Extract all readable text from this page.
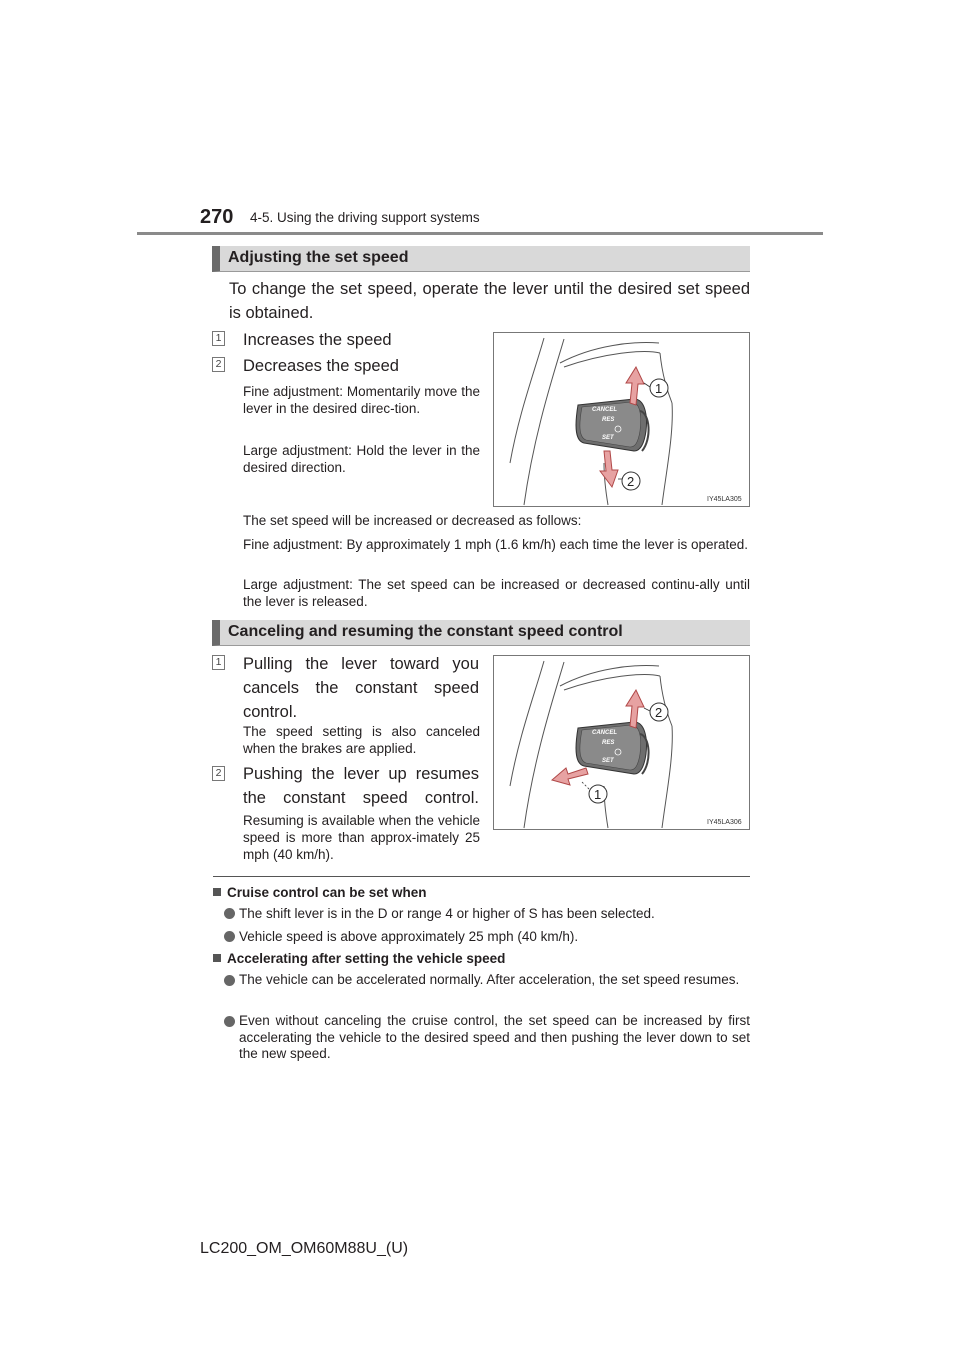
270 4-5. Using the driving support systems
Adjusting the set speed
To change the set speed, operate the lever until the desired set speed is obtained.
1 Increases the speed
2 Decreases the speed
Fine adjustment: Momentarily move the lever in the desired direc-tion.
Large adjustment: Hold the lever in the desired direction.
CANCEL
RES
SET
1
2
IY45LA305
The set speed will be increased or decreased as follows:
Fine adjustment: By approximately 1 mph (1.6 km/h) each time the lever is operated.
Large adjustment: The set speed can be increased or decreased continu-ally until the lever is released.
Canceling and resuming the constant speed control
1 Pulling the lever toward you cancels the constant speed control.
The speed setting is also canceled when the brakes are applied.
2 Pushing the lever up resumes the constant speed control.
Resuming is available when the vehicle speed is more than approx-imately 25 mph (40 km/h).
CANCEL
RES
SET
2
1
IY45LA306
Cruise control can be set when
The shift lever is in the D or range 4 or higher of S has been selected.
Vehicle speed is above approximately 25 mph (40 km/h).
Accelerating after setting the vehicle speed
The vehicle can be accelerated normally. After acceleration, the set speed resumes.
Even without canceling the cruise control, the set speed can be increased by first accelerating the vehicle to the desired speed and then pushing the lever down to set the new speed.
LC200_OM_OM60M88U_(U)
